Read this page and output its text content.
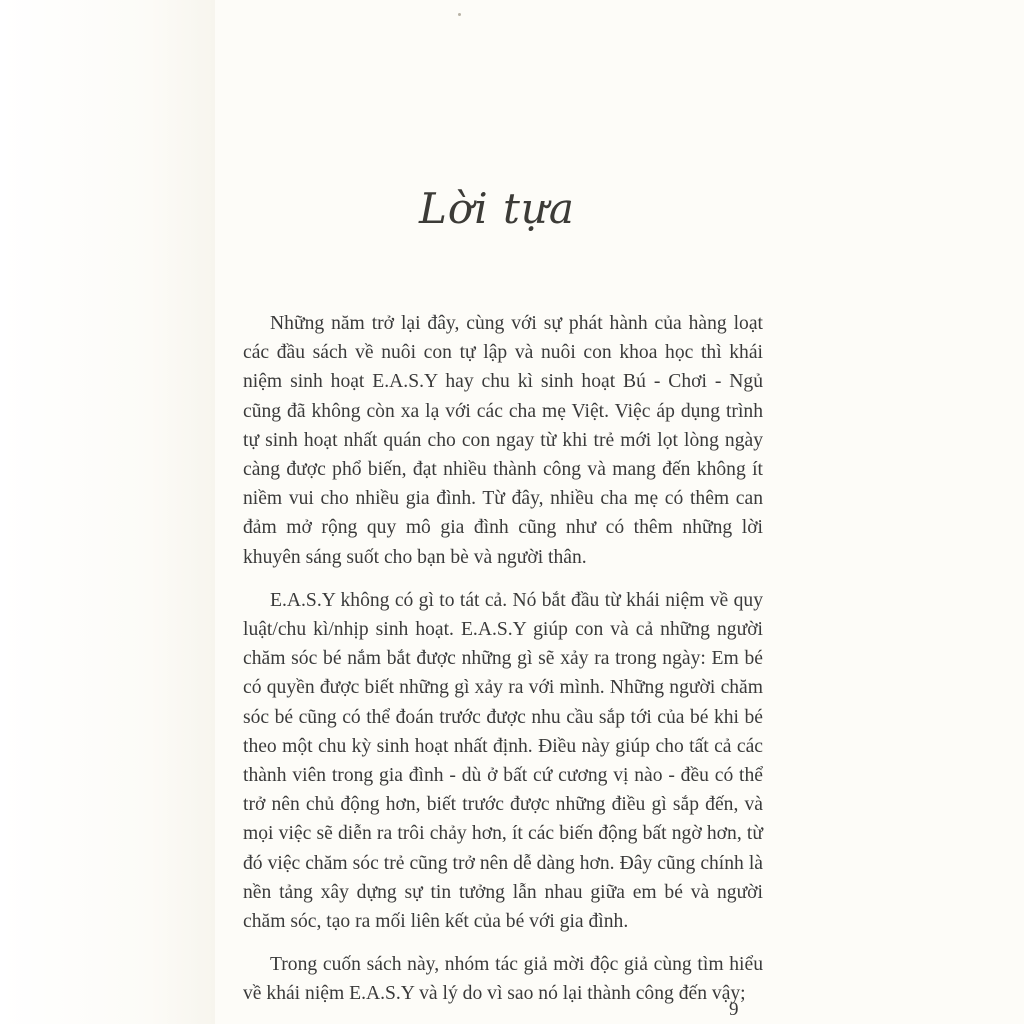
Lời tựa

Những năm trở lại đây, cùng với sự phát hành của hàng loạt các đầu sách về nuôi con tự lập và nuôi con khoa học thì khái niệm sinh hoạt E.A.S.Y hay chu kì sinh hoạt Bú - Chơi - Ngủ cũng đã không còn xa lạ với các cha mẹ Việt. Việc áp dụng trình tự sinh hoạt nhất quán cho con ngay từ khi trẻ mới lọt lòng ngày càng được phổ biến, đạt nhiều thành công và mang đến không ít niềm vui cho nhiều gia đình. Từ đây, nhiều cha mẹ có thêm can đảm mở rộng quy mô gia đình cũng như có thêm những lời khuyên sáng suốt cho bạn bè và người thân.

E.A.S.Y không có gì to tát cả. Nó bắt đầu từ khái niệm về quy luật/chu kì/nhịp sinh hoạt. E.A.S.Y giúp con và cả những người chăm sóc bé nắm bắt được những gì sẽ xảy ra trong ngày: Em bé có quyền được biết những gì xảy ra với mình. Những người chăm sóc bé cũng có thể đoán trước được nhu cầu sắp tới của bé khi bé theo một chu kỳ sinh hoạt nhất định. Điều này giúp cho tất cả các thành viên trong gia đình - dù ở bất cứ cương vị nào - đều có thể trở nên chủ động hơn, biết trước được những điều gì sắp đến, và mọi việc sẽ diễn ra trôi chảy hơn, ít các biến động bất ngờ hơn, từ đó việc chăm sóc trẻ cũng trở nên dễ dàng hơn. Đây cũng chính là nền tảng xây dựng sự tin tưởng lẫn nhau giữa em bé và người chăm sóc, tạo ra mối liên kết của bé với gia đình.

Trong cuốn sách này, nhóm tác giả mời độc giả cùng tìm hiểu về khái niệm E.A.S.Y và lý do vì sao nó lại thành công đến vậy;

9
